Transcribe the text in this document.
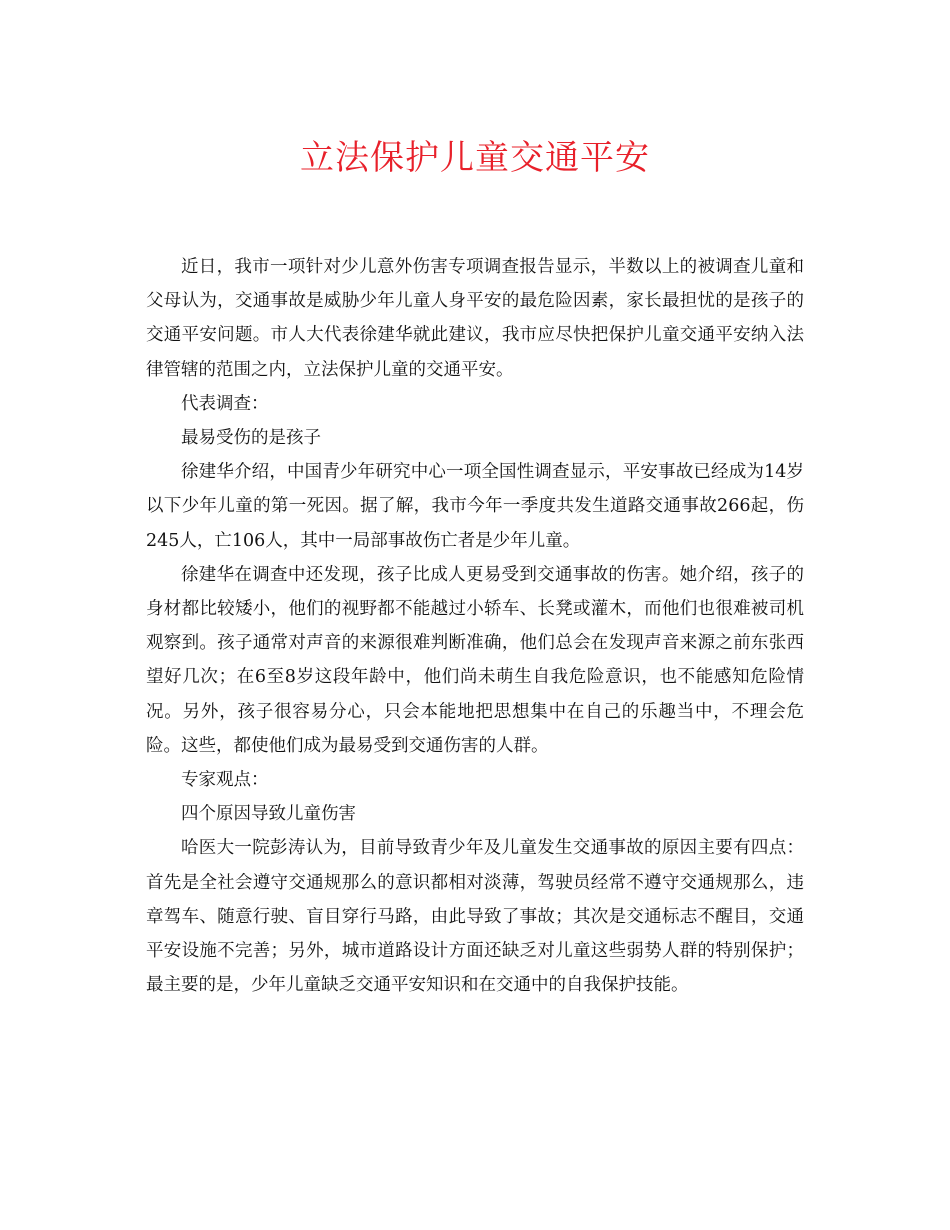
立法保护儿童交通平安

近日，我市一项针对少儿意外伤害专项调查报告显示，半数以上的被调查儿童和父母认为，交通事故是威胁少年儿童人身平安的最危险因素，家长最担忧的是孩子的交通平安问题。市人大代表徐建华就此建议，我市应尽快把保护儿童交通平安纳入法律管辖的范围之内，立法保护儿童的交通平安。

代表调查：

最易受伤的是孩子

徐建华介绍，中国青少年研究中心一项全国性调查显示，平安事故已经成为14岁以下少年儿童的第一死因。据了解，我市今年一季度共发生道路交通事故266起，伤245人，亡106人，其中一局部事故伤亡者是少年儿童。

徐建华在调查中还发现，孩子比成人更易受到交通事故的伤害。她介绍，孩子的身材都比较矮小，他们的视野都不能越过小轿车、长凳或灌木，而他们也很难被司机观察到。孩子通常对声音的来源很难判断准确，他们总会在发现声音来源之前东张西望好几次；在6至8岁这段年龄中，他们尚未萌生自我危险意识，也不能感知危险情况。另外，孩子很容易分心，只会本能地把思想集中在自己的乐趣当中，不理会危险。这些，都使他们成为最易受到交通伤害的人群。

专家观点：

四个原因导致儿童伤害

哈医大一院彭涛认为，目前导致青少年及儿童发生交通事故的原因主要有四点：首先是全社会遵守交通规那么的意识都相对淡薄，驾驶员经常不遵守交通规那么，违章驾车、随意行驶、盲目穿行马路，由此导致了事故；其次是交通标志不醒目，交通平安设施不完善；另外，城市道路设计方面还缺乏对儿童这些弱势人群的特别保护；最主要的是，少年儿童缺乏交通平安知识和在交通中的自我保护技能。
